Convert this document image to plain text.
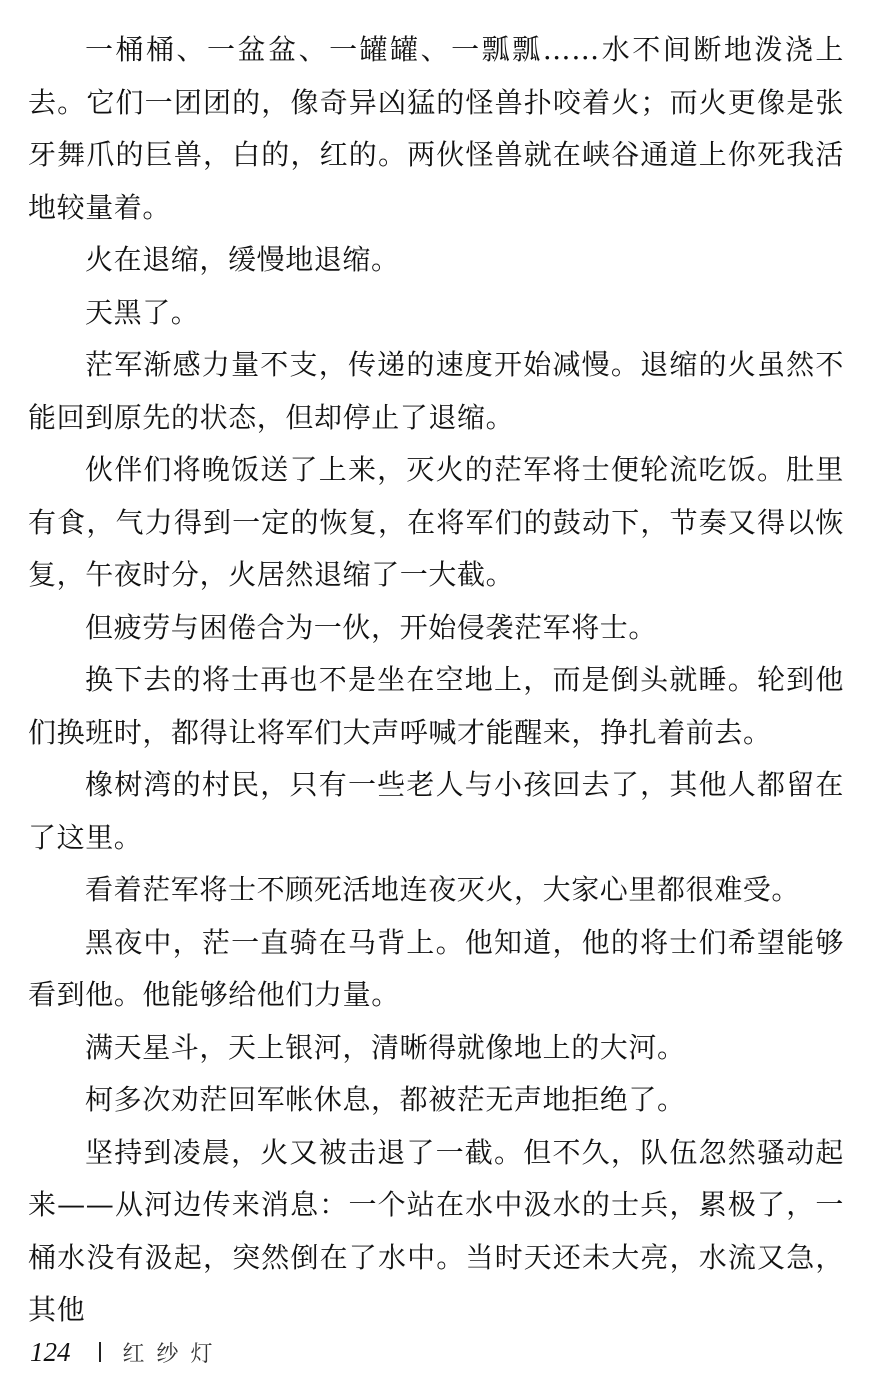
一桶桶、一盆盆、一罐罐、一瓢瓢……水不间断地泼浇上去。它们一团团的，像奇异凶猛的怪兽扑咬着火；而火更像是张牙舞爪的巨兽，白的，红的。两伙怪兽就在峡谷通道上你死我活地较量着。

火在退缩，缓慢地退缩。

天黑了。

茫军渐感力量不支，传递的速度开始减慢。退缩的火虽然不能回到原先的状态，但却停止了退缩。

伙伴们将晚饭送了上来，灭火的茫军将士便轮流吃饭。肚里有食，气力得到一定的恢复，在将军们的鼓动下，节奏又得以恢复，午夜时分，火居然退缩了一大截。

但疲劳与困倦合为一伙，开始侵袭茫军将士。

换下去的将士再也不是坐在空地上，而是倒头就睡。轮到他们换班时，都得让将军们大声呼喊才能醒来，挣扎着前去。

橡树湾的村民，只有一些老人与小孩回去了，其他人都留在了这里。

看着茫军将士不顾死活地连夜灭火，大家心里都很难受。

黑夜中，茫一直骑在马背上。他知道，他的将士们希望能够看到他。他能够给他们力量。

满天星斗，天上银河，清晰得就像地上的大河。

柯多次劝茫回军帐休息，都被茫无声地拒绝了。

坚持到凌晨，火又被击退了一截。但不久，队伍忽然骚动起来——从河边传来消息：一个站在水中汲水的士兵，累极了，一桶水没有汲起，突然倒在了水中。当时天还未大亮，水流又急，其他

124 红纱灯
